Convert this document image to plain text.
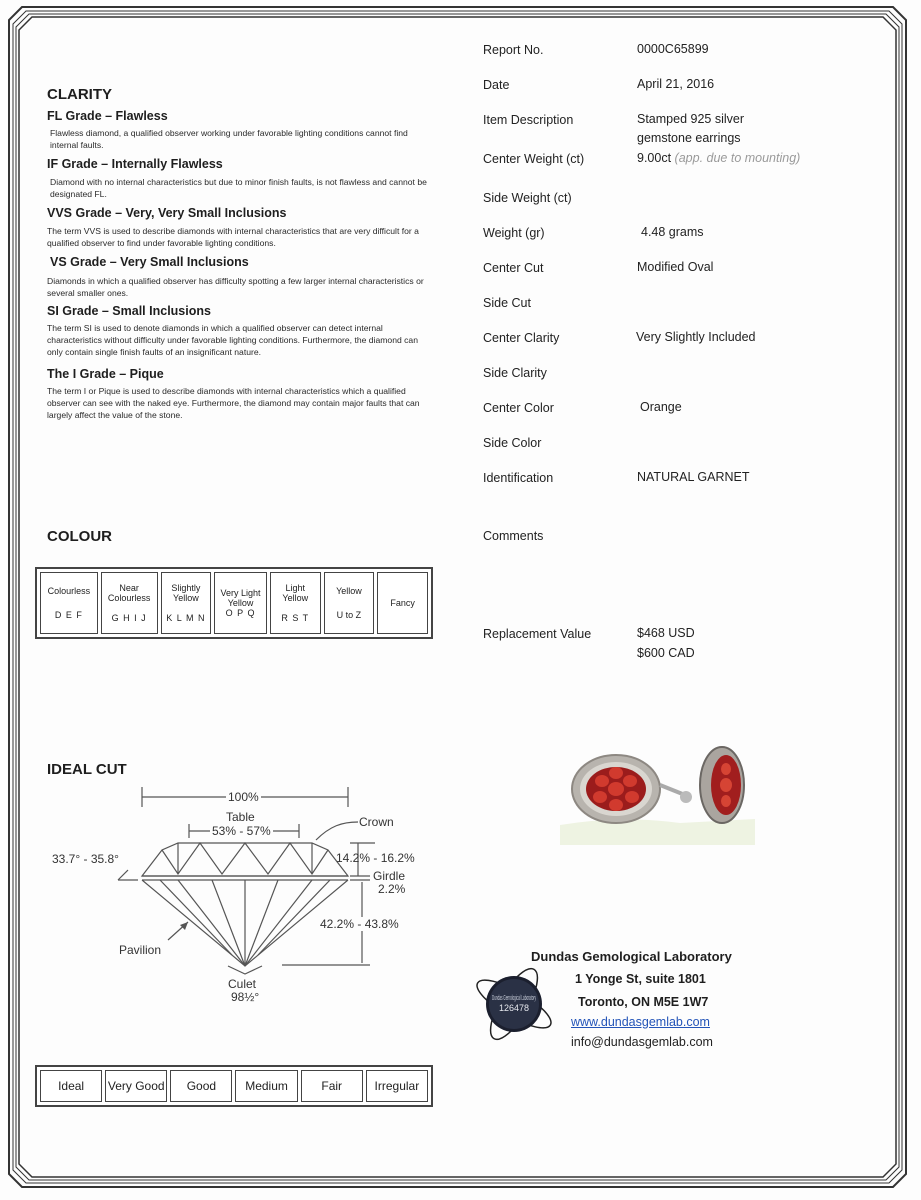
CLARITY
FL Grade – Flawless
Flawless diamond, a qualified observer working under favorable lighting conditions cannot find internal faults.
IF Grade – Internally Flawless
Diamond with no internal characteristics but due to minor finish faults, is not flawless and cannot be designated FL.
VVS Grade – Very, Very Small Inclusions
The term VVS is used to describe diamonds with internal characteristics that are very difficult for a qualified observer to find under favorable lighting conditions.
VS Grade – Very Small Inclusions
Diamonds in which a qualified observer has difficulty spotting a few larger internal characteristics or several smaller ones.
SI Grade – Small Inclusions
The term SI is used to denote diamonds in which a qualified observer can detect internal characteristics without difficulty under favorable lighting conditions. Furthermore, the diamond can only contain single finish faults of an insignificant nature.
The I Grade – Pique
The term I or Pique is used to describe diamonds with internal characteristics which a qualified observer can see with the naked eye. Furthermore, the diamond may contain major faults that can largely affect the value of the stone.
COLOUR
Colourless
D E F

Near Colourless
G H I J

Slightly Yellow
K L M N

Very Light Yellow
O P Q

Light Yellow
R S T

Yellow
U to Z

Fancy
IDEAL CUT
100%
Table
53% - 57%
Crown
33.7° - 35.8°	14.2% - 16.2%
Girdle
2.2%
42.2% - 43.8%
Pavilion
Culet
98½°
Ideal	Very Good	Good	Medium	Fair	Irregular
Report No.	0000C65899
Date	April 21, 2016
Item Description	Stamped 925 silver gemstone earrings
Center Weight (ct)	9.00ct (app. due to mounting)
Side Weight (ct)
Weight (gr)	4.48 grams
Center Cut	Modified Oval
Side Cut
Center Clarity	Very Slightly Included
Side Clarity
Center Color	Orange
Side Color
Identification	NATURAL GARNET
Comments
Replacement Value	$468 USD
$600 CAD
Dundas Gemological Laboratory
126478
Dundas Gemological Laboratory
1 Yonge St, suite 1801
Toronto, ON M5E 1W7
www.dundasgemlab.com
info@dundasgemlab.com
